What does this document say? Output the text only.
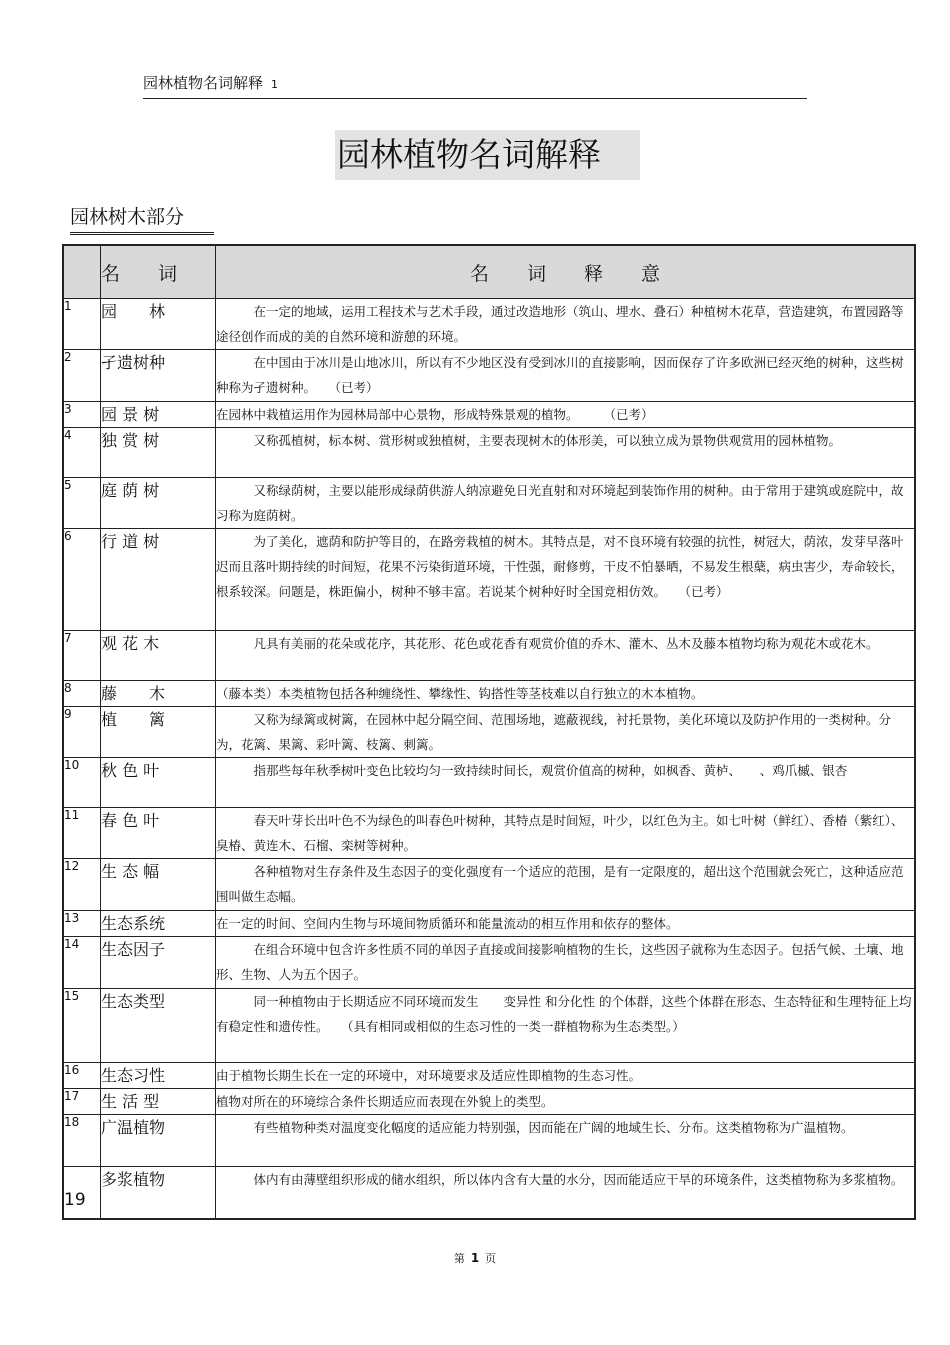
园林植物名词解释 1
园林植物名词解释
园林树木部分
	名　　词	名　　词　　释　　意
1	园　　林	　　　在一定的地域，运用工程技术与艺术手段，通过改造地形（筑山、埋水、叠石）种植树木花草，营造建筑，布置园路等途径创作而成的美的自然环境和游憩的环境。
2	孑遗树种	　　　在中国由于冰川是山地冰川，所以有不少地区没有受到冰川的直接影响，因而保存了许多欧洲已经灭绝的树种，这些树种称为孑遗树种。　　（已考）
3	园 景 树	在园林中栽植运用作为园林局部中心景物，形成特殊景观的植物。　　　（已考）
4	独 赏 树	　　　又称孤植树，标本树、赏形树或独植树，主要表现树木的体形美，可以独立成为景物供观赏用的园林植物。
5	庭 荫 树	　　　又称绿荫树，主要以能形成绿荫供游人纳凉避免日光直射和对环境起到装饰作用的树种。由于常用于建筑或庭院中，故习称为庭荫树。
6	行 道 树	　　　为了美化，遮荫和防护等目的，在路旁栽植的树木。其特点是，对不良环境有较强的抗性，树冠大，荫浓，发芽早落叶迟而且落叶期持续的时间短，花果不污染街道环境，干性强，耐修剪，干皮不怕暴晒，不易发生根蘖，病虫害少，寿命较长，根系较深。问题是，株距偏小，树种不够丰富。若说某个树种好时全国竞相仿效。　　（已考）
7	观 花 木	　　　凡具有美丽的花朵或花序，其花形、花色或花香有观赏价值的乔木、灌木、丛木及藤本植物均称为观花木或花木。
8	藤　　木	（藤本类）本类植物包括各种缠绕性、攀缘性、钩搭性等茎枝难以自行独立的木本植物。
9	植　　篱	　　　又称为绿篱或树篱，在园林中起分隔空间、范围场地，遮蔽视线，衬托景物，美化环境以及防护作用的一类树种。分为，花篱、果篱、彩叶篱、枝篱、刺篱。
10	秋 色 叶	　　　指那些每年秋季树叶变色比较均匀一致持续时间长，观赏价值高的树种，如枫香、黄栌、　　、鸡爪槭、银杏
11	春 色 叶	　　　春天叶芽长出叶色不为绿色的叫春色叶树种，其特点是时间短，叶少，以红色为主。如七叶树（鲜红）、香椿（紫红）、臭椿、黄连木、石榴、栾树等树种。
12	生 态 幅	　　　各种植物对生存条件及生态因子的变化强度有一个适应的范围，是有一定限度的，超出这个范围就会死亡，这种适应范围叫做生态幅。
13	生态系统	在一定的时间、空间内生物与环境间物质循环和能量流动的相互作用和依存的整体。
14	生态因子	　　　在组合环境中包含许多性质不同的单因子直接或间接影响植物的生长，这些因子就称为生态因子。包括气候、土壤、地形、生物、人为五个因子。
15	生态类型	　　　同一种植物由于长期适应不同环境而发生　　变异性 和分化性 的个体群，这些个体群在形态、生态特征和生理特征上均有稳定性和遗传性。　　（具有相同或相似的生态习性的一类一群植物称为生态类型。）
16	生态习性	由于植物长期生长在一定的环境中，对环境要求及适应性即植物的生态习性。
17	生 活 型	植物对所在的环境综合条件长期适应而表现在外貌上的类型。
18	广温植物	　　　有些植物种类对温度变化幅度的适应能力特别强，因而能在广阔的地域生长、分布。这类植物称为广温植物。
19	多浆植物	　　　体内有由薄壁组织形成的储水组织，所以体内含有大量的水分，因而能适应干旱的环境条件，这类植物称为多浆植物。
第 1 页
